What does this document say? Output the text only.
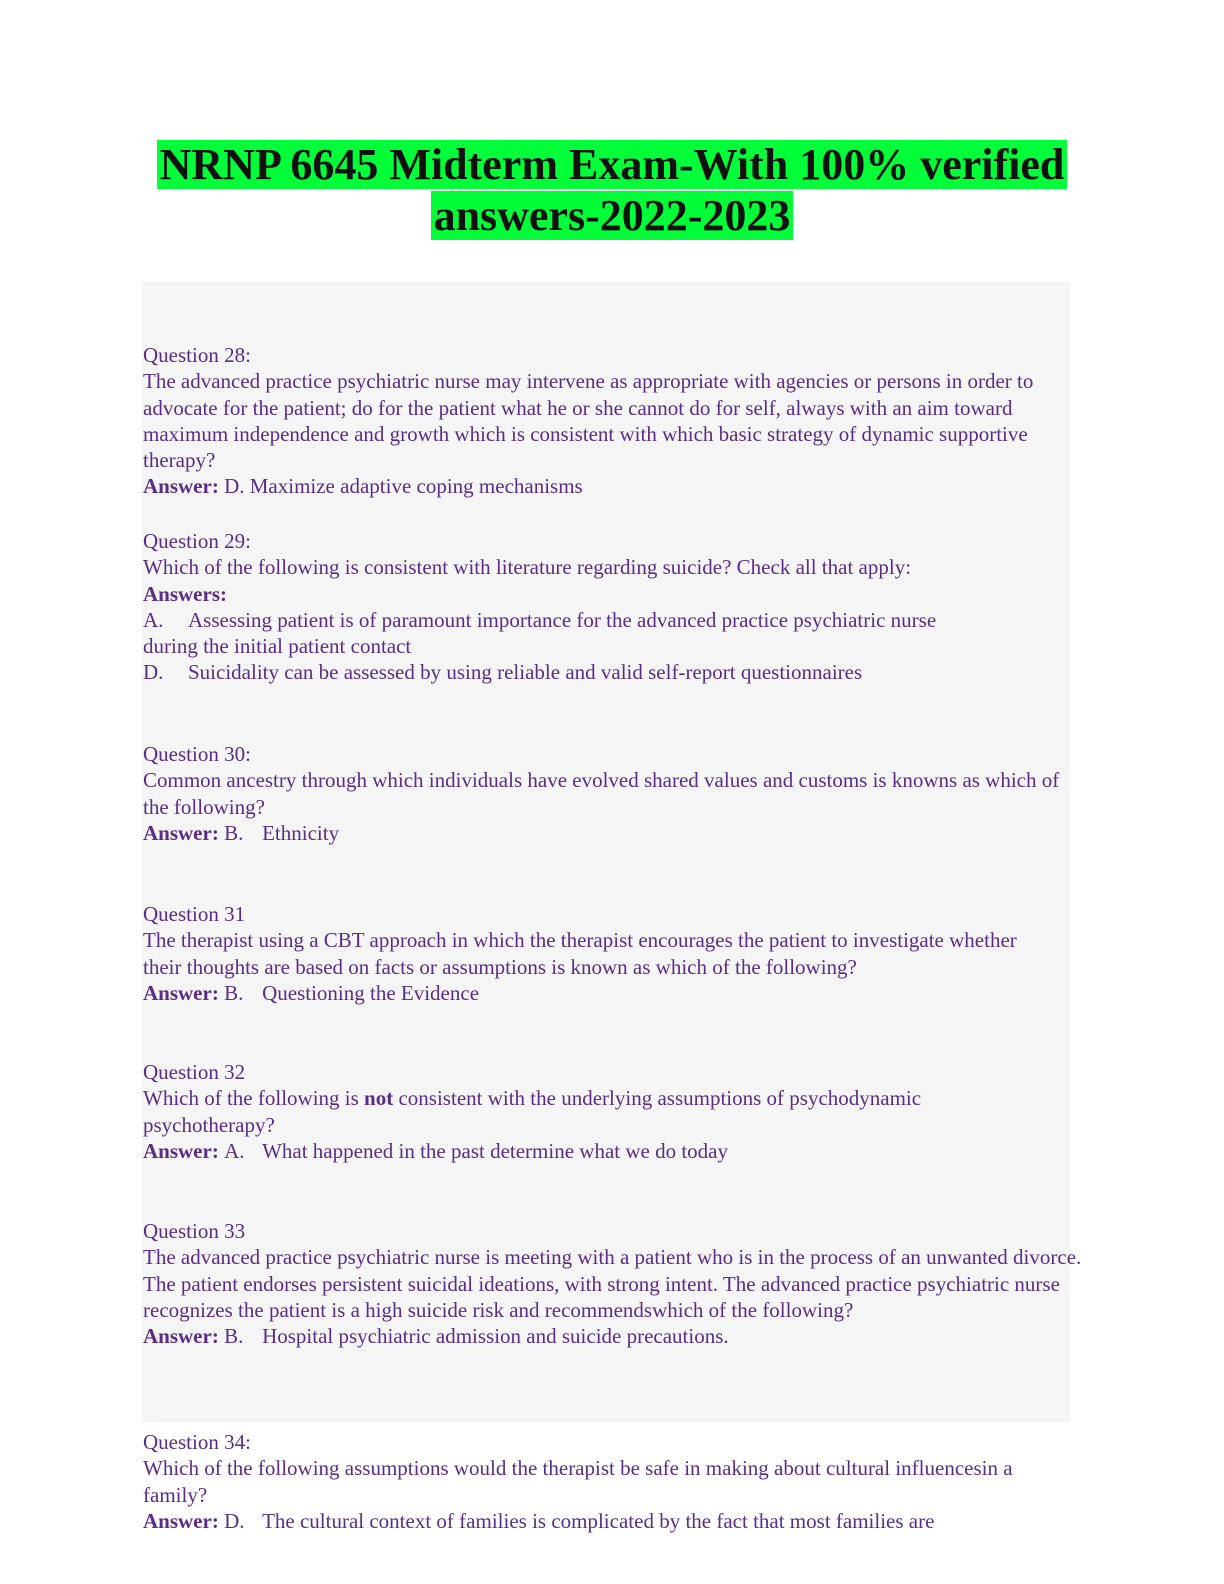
NRNP 6645 Midterm Exam-With 100% verified
answers-2022-2023

Question 28:

The advanced practice psychiatric nurse may intervene as appropriate with agencies or persons in order to advocate for the patient; do for the patient what he or she cannot do for self, always with an aim toward maximum independence and growth which is consistent with which basic strategy of dynamic supportive therapy?

Answer: D. Maximize adaptive coping mechanisms

Question 29:

Which of the following is consistent with literature regarding suicide? Check all that apply:

Answers:

A. Assessing patient is of paramount importance for the advanced practice psychiatric nurse

during the initial patient contact

D. Suicidality can be assessed by using reliable and valid self-report questionnaires

Question 30:

Common ancestry through which individuals have evolved shared values and customs is knowns as which of the following?

Answer: B. Ethnicity

Question 31

The therapist using a CBT approach in which the therapist encourages the patient to investigate whether their thoughts are based on facts or assumptions is known as which of the following?

Answer: B. Questioning the Evidence

Question 32

Which of the following is not consistent with the underlying assumptions of psychodynamic psychotherapy?

Answer: A. What happened in the past determine what we do today

Question 33

The advanced practice psychiatric nurse is meeting with a patient who is in the process of an unwanted divorce. The patient endorses persistent suicidal ideations, with strong intent. The advanced practice psychiatric nurse recognizes the patient is a high suicide risk and recommendswhich of the following?

Answer: B. Hospital psychiatric admission and suicide precautions.

Question 34:

Which of the following assumptions would the therapist be safe in making about cultural influencesin a family?

Answer: D. The cultural context of families is complicated by the fact that most families are
